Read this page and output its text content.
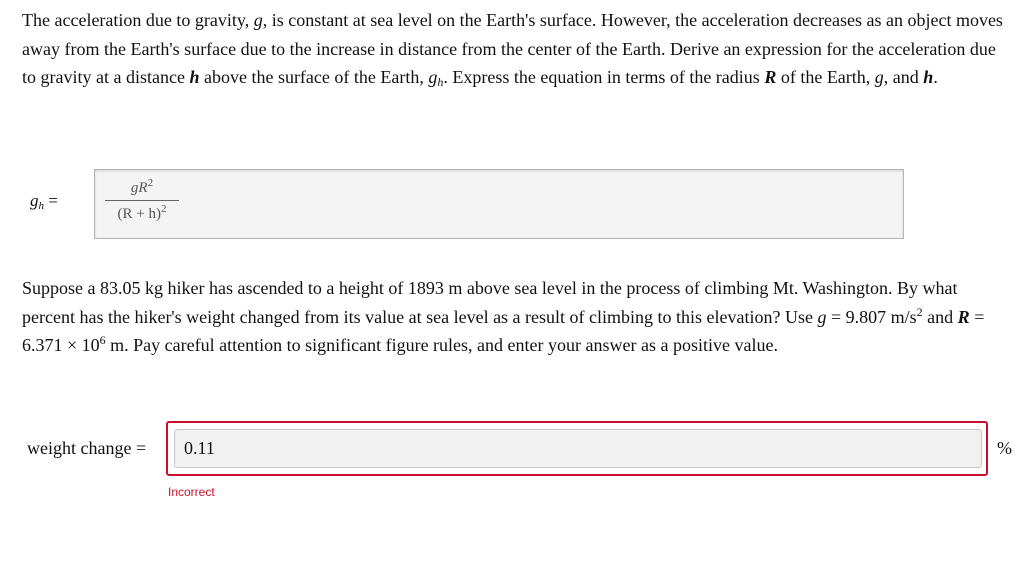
The acceleration due to gravity, g, is constant at sea level on the Earth's surface. However, the acceleration decreases as an object moves away from the Earth's surface due to the increase in distance from the center of the Earth. Derive an expression for the acceleration due to gravity at a distance h above the surface of the Earth, $g_h$. Express the equation in terms of the radius R of the Earth, g, and h.

$g_h$ =
$gR^2$
$(R + h)^2$

Suppose a 83.05 kg hiker has ascended to a height of 1893 m above sea level in the process of climbing Mt. Washington. By what percent has the hiker's weight changed from its value at sea level as a result of climbing to this elevation? Use g = 9.807 $m/s^2$ and $R = 6.371 \times 10^6$ m. Pay careful attention to significant figure rules, and enter your answer as a positive value.

weight change =	0.11	%
Incorrect
